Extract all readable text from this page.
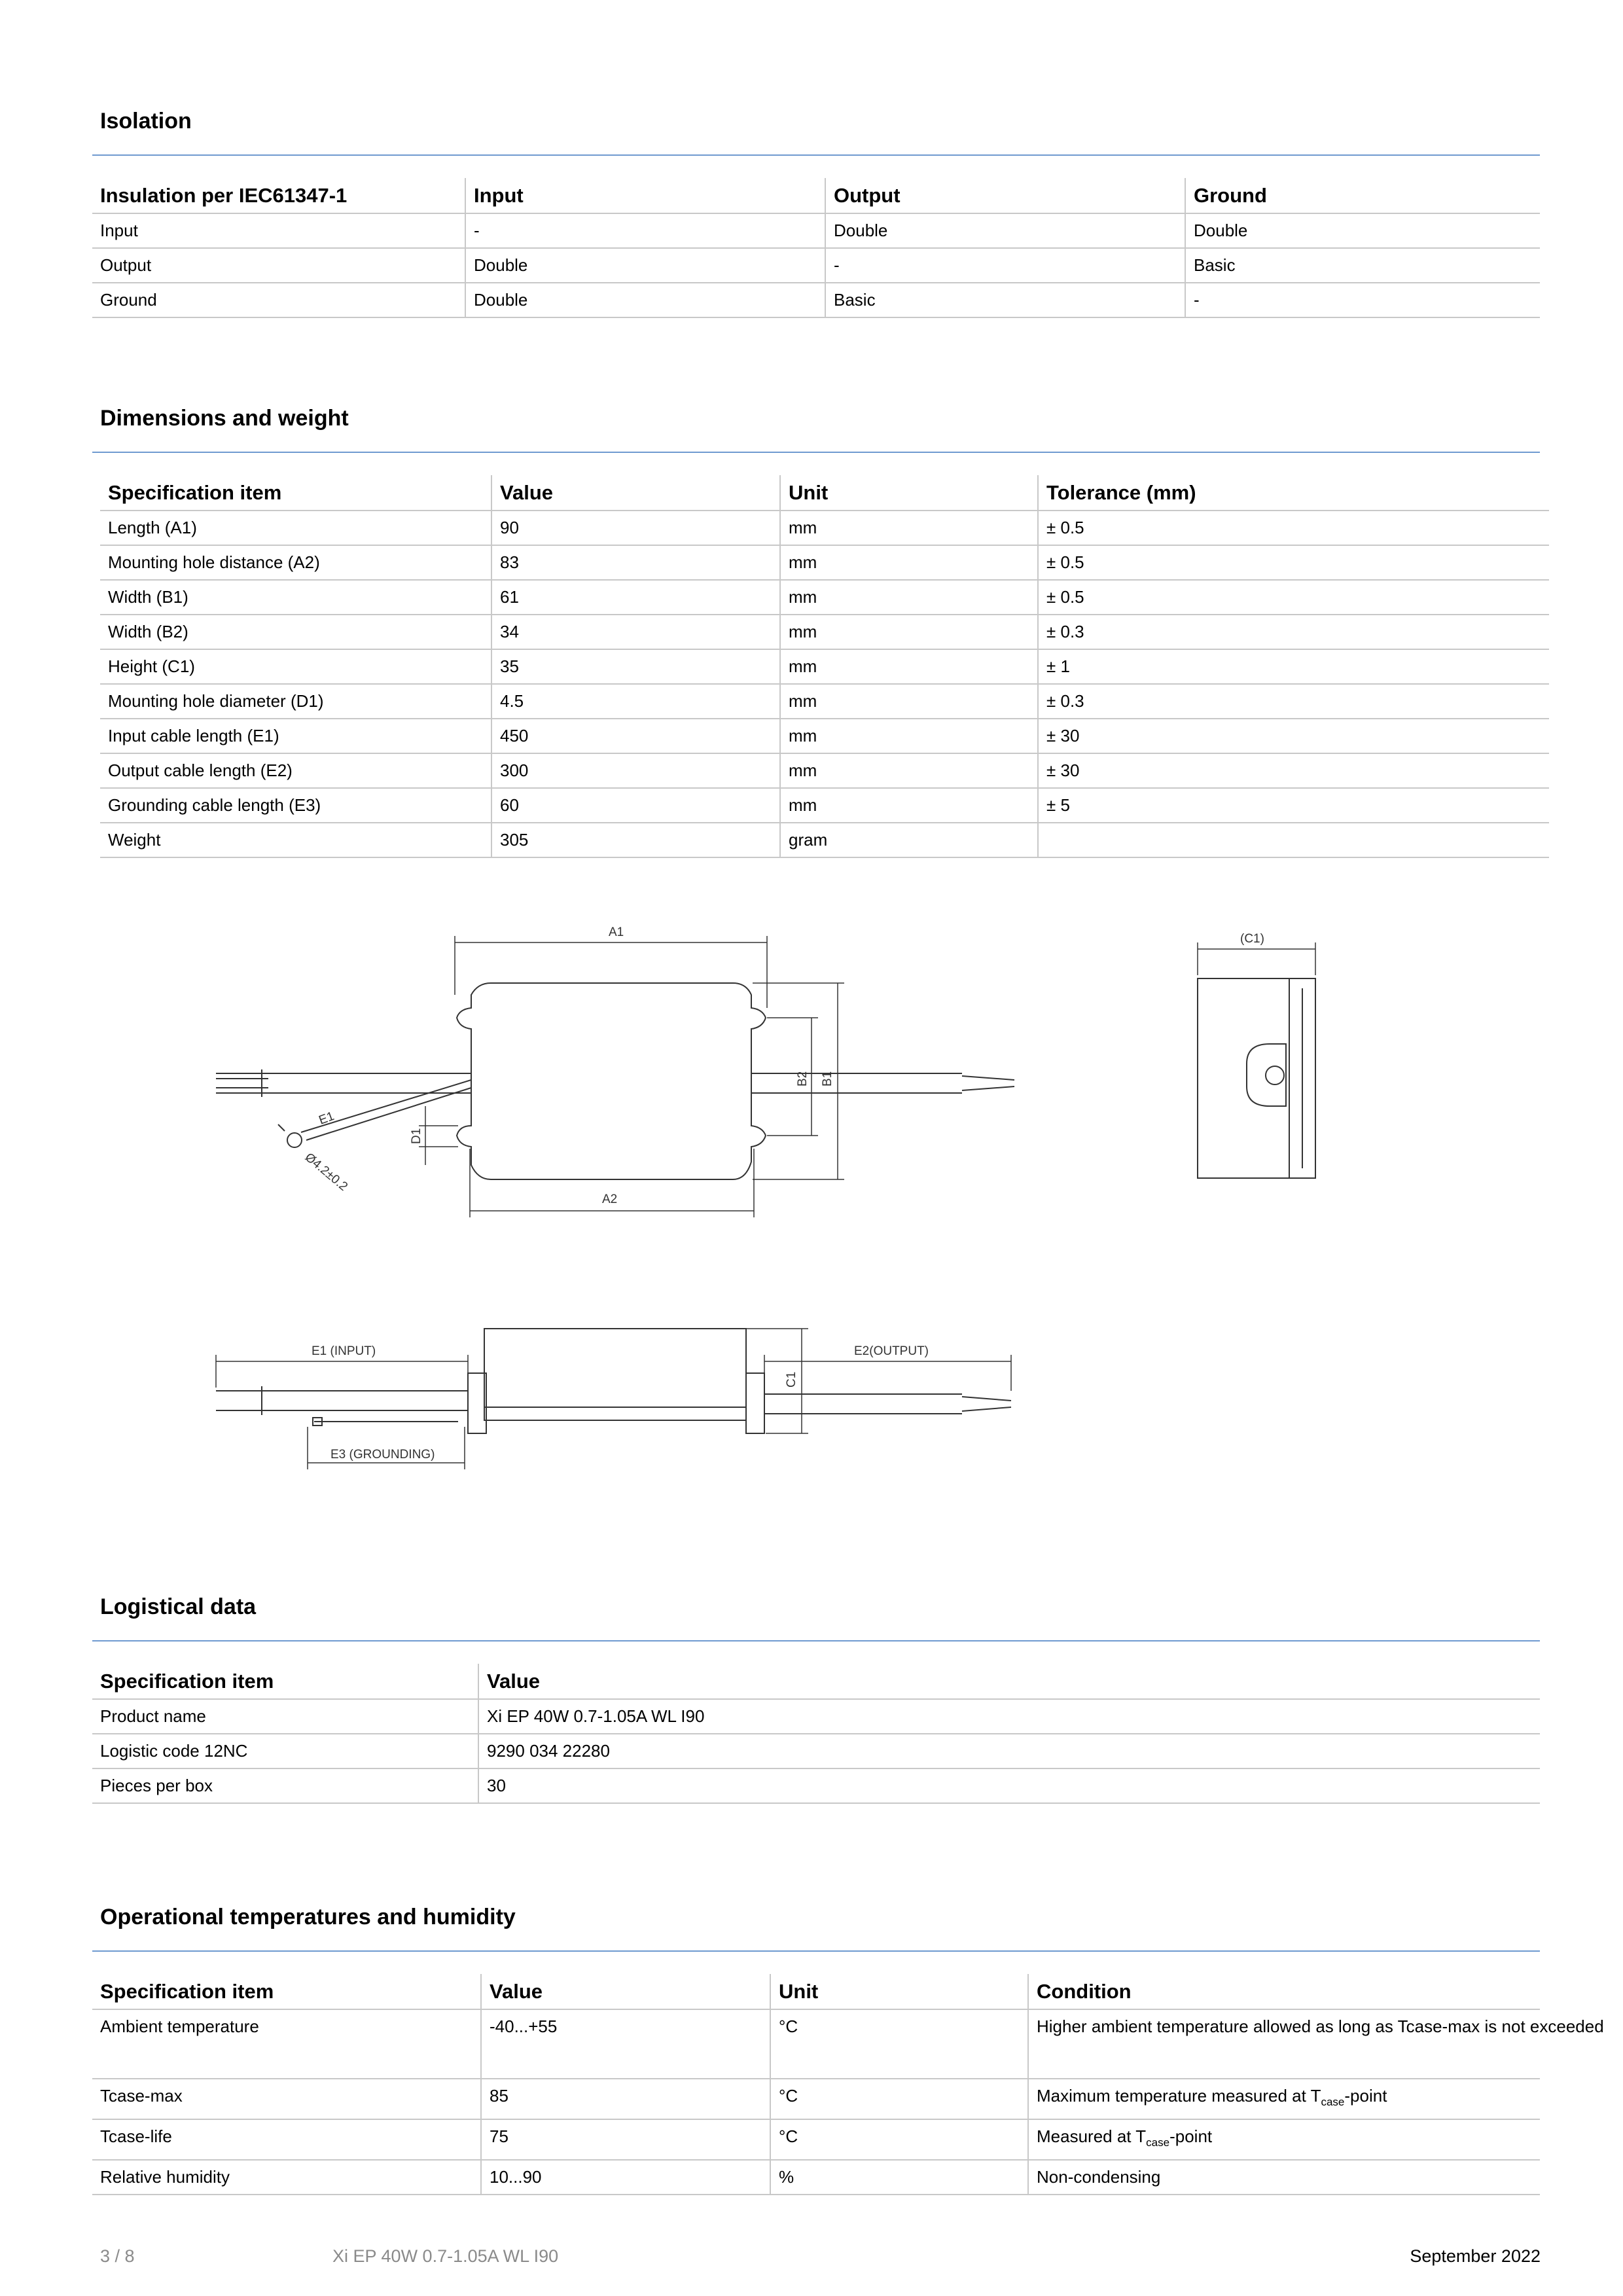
Isolation
Insulation per IEC61347-1	Input	Output	Ground
Input	-	Double	Double
Output	Double	-	Basic
Ground	Double	Basic	-
Dimensions and weight
Specification item	Value	Unit	Tolerance (mm)
Length (A1)	90	mm	± 0.5
Mounting hole distance (A2)	83	mm	± 0.5
Width (B1)	61	mm	± 0.5
Width (B2)	34	mm	± 0.3
Height (C1)	35	mm	± 1
Mounting hole diameter (D1)	4.5	mm	± 0.3
Input cable length (E1)	450	mm	± 30
Output cable length (E2)	300	mm	± 30
Grounding cable length (E3)	60	mm	± 5
Weight	305	gram	
A1
A2
B1
B2
D1
E1
Ø4.2±0.2
(C1)
E1 (INPUT)	E2(OUTPUT)
E3 (GROUNDING)
C1
Logistical data
Specification item	Value
Product name	Xi EP 40W 0.7-1.05A WL I90
Logistic code 12NC	9290 034 22280
Pieces per box	30
Operational temperatures and humidity
Specification item	Value	Unit	Condition
Ambient temperature	-40...+55	°C	Higher ambient temperature allowed as long as Tcase-max is not exceeded
Tcase-max	85	°C	Maximum temperature measured at $T_{case}$-point
Tcase-life	75	°C	Measured at $T_{case}$-point
Relative humidity	10...90	%	Non-condensing
3 / 8	Xi EP 40W 0.7-1.05A WL I90	September 2022
